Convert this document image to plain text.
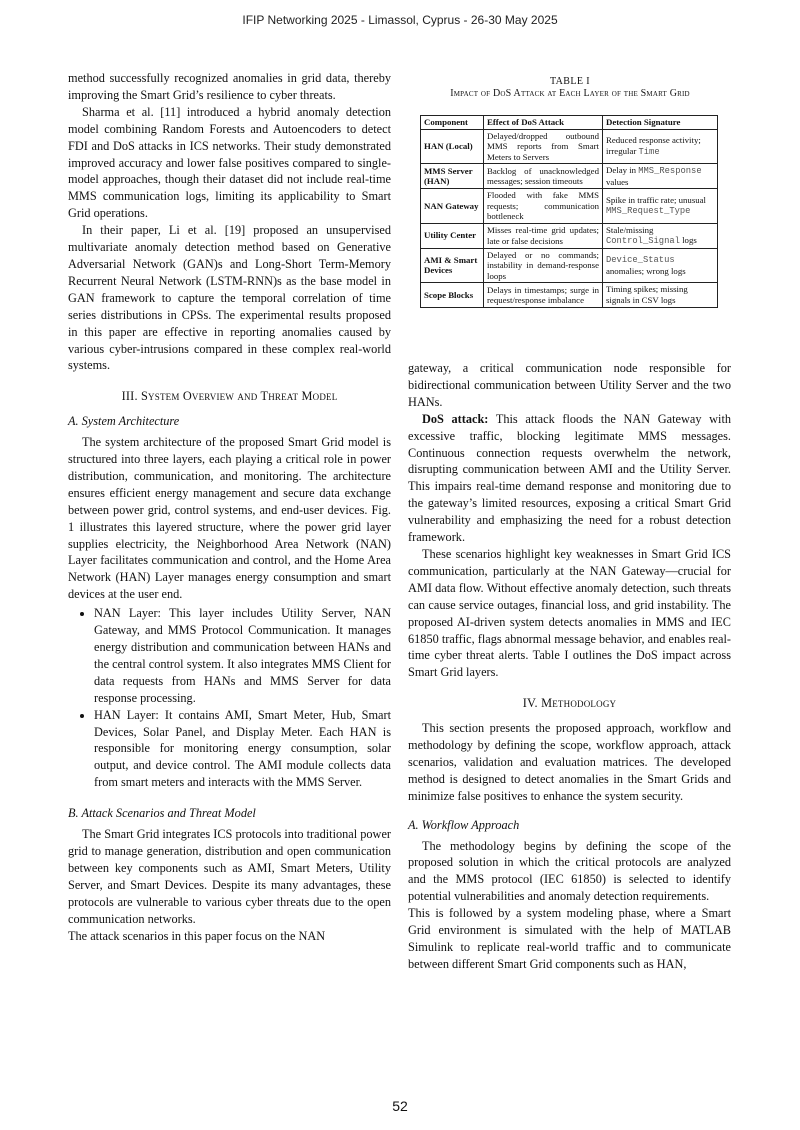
IFIP Networking 2025 - Limassol, Cyprus - 26-30 May 2025

method successfully recognized anomalies in grid data, thereby improving the Smart Grid’s resilience to cyber threats.

Sharma et al. [11] introduced a hybrid anomaly detection model combining Random Forests and Autoencoders to detect FDI and DoS attacks in ICS networks. Their study demonstrated improved accuracy and lower false positives compared to single-model approaches, though their dataset did not include real-time MMS communication logs, limiting its applicability to Smart Grid operations.

In their paper, Li et al. [19] proposed an unsupervised multivariate anomaly detection method based on Generative Adversarial Network (GAN)s and Long-Short Term-Memory Recurrent Neural Network (LSTM-RNN)s as the base model in GAN framework to capture the temporal correlation of time series distributions in CPSs. The experimental results proposed in this paper are effective in reporting anomalies caused by various cyber-intrusions compared in these complex real-world systems.

III. System Overview and Threat Model
A. System Architecture

The system architecture of the proposed Smart Grid model is structured into three layers, each playing a critical role in power distribution, communication, and monitoring. The architecture ensures efficient energy management and secure data exchange between power grid, control systems, and end-user devices. Fig. 1 illustrates this layered structure, where the power grid layer supplies electricity, the Neighborhood Area Network (NAN) Layer facilitates communication and control, and the Home Area Network (HAN) Layer manages energy consumption and smart devices at the user end.

• NAN Layer: This layer includes Utility Server, NAN Gateway, and MMS Protocol Communication. It manages energy distribution and communication between HANs and the central control system. It also integrates MMS Client for data requests from HANs and MMS Server for data response processing.
• HAN Layer: It contains AMI, Smart Meter, Hub, Smart Devices, Solar Panel, and Display Meter. Each HAN is responsible for monitoring energy consumption, solar output, and device control. The AMI module collects data from smart meters and interacts with the MMS Server.
B. Attack Scenarios and Threat Model

The Smart Grid integrates ICS protocols into traditional power grid to manage generation, distribution and open communication between key components such as AMI, Smart Meters, Utility Server, and Smart Devices. Despite its many advantages, these protocols are vulnerable to various cyber threats due to the open communication networks.

The attack scenarios in this paper focus on the NAN

TABLE I
Impact of DoS Attack at Each Layer of the Smart Grid
Component	Effect of DoS Attack	Detection Signature
HAN (Local)	Delayed/dropped outbound MMS reports from Smart Meters to Servers	Reduced response activity; irregular Time
MMS Server (HAN)	Backlog of unacknowledged messages; session timeouts	Delay in MMS_Response values
NAN Gateway	Flooded with fake MMS requests; communication bottleneck	Spike in traffic rate; unusual MMS_Request_Type
Utility Center	Misses real-time grid updates; late or false decisions	Stale/missing Control_Signal logs
AMI & Smart Devices	Delayed or no commands; instability in demand-response loops	Device_Status anomalies; wrong logs
Scope Blocks	Delays in timestamps; surge in request/response imbalance	Timing spikes; missing signals in CSV logs

gateway, a critical communication node responsible for bidirectional communication between Utility Server and the two HANs.

DoS attack: This attack floods the NAN Gateway with excessive traffic, blocking legitimate MMS messages. Continuous connection requests overwhelm the network, disrupting communication between AMI and the Utility Server. This impairs real-time demand response and monitoring due to the gateway’s limited resources, exposing a critical Smart Grid vulnerability and emphasizing the need for a robust detection framework.

These scenarios highlight key weaknesses in Smart Grid ICS communication, particularly at the NAN Gateway—crucial for AMI data flow. Without effective anomaly detection, such threats can cause service outages, financial loss, and grid instability. The proposed AI-driven system detects anomalies in MMS and IEC 61850 traffic, flags abnormal message behavior, and enables real-time cyber threat alerts. Table I outlines the DoS impact across Smart Grid layers.

IV. Methodology

This section presents the proposed approach, workflow and methodology by defining the scope, workflow approach, attack scenarios, validation and evaluation matrices. The developed method is designed to detect anomalies in the Smart Grids and minimize false positives to enhance the system security.

A. Workflow Approach

The methodology begins by defining the scope of the proposed solution in which the critical protocols are analyzed and the MMS protocol (IEC 61850) is selected to identify potential vulnerabilities and anomaly detection requirements.

This is followed by a system modeling phase, where a Smart Grid environment is simulated with the help of MATLAB Simulink to replicate real-world traffic and to communicate between different Smart Grid components such as HAN,

52
